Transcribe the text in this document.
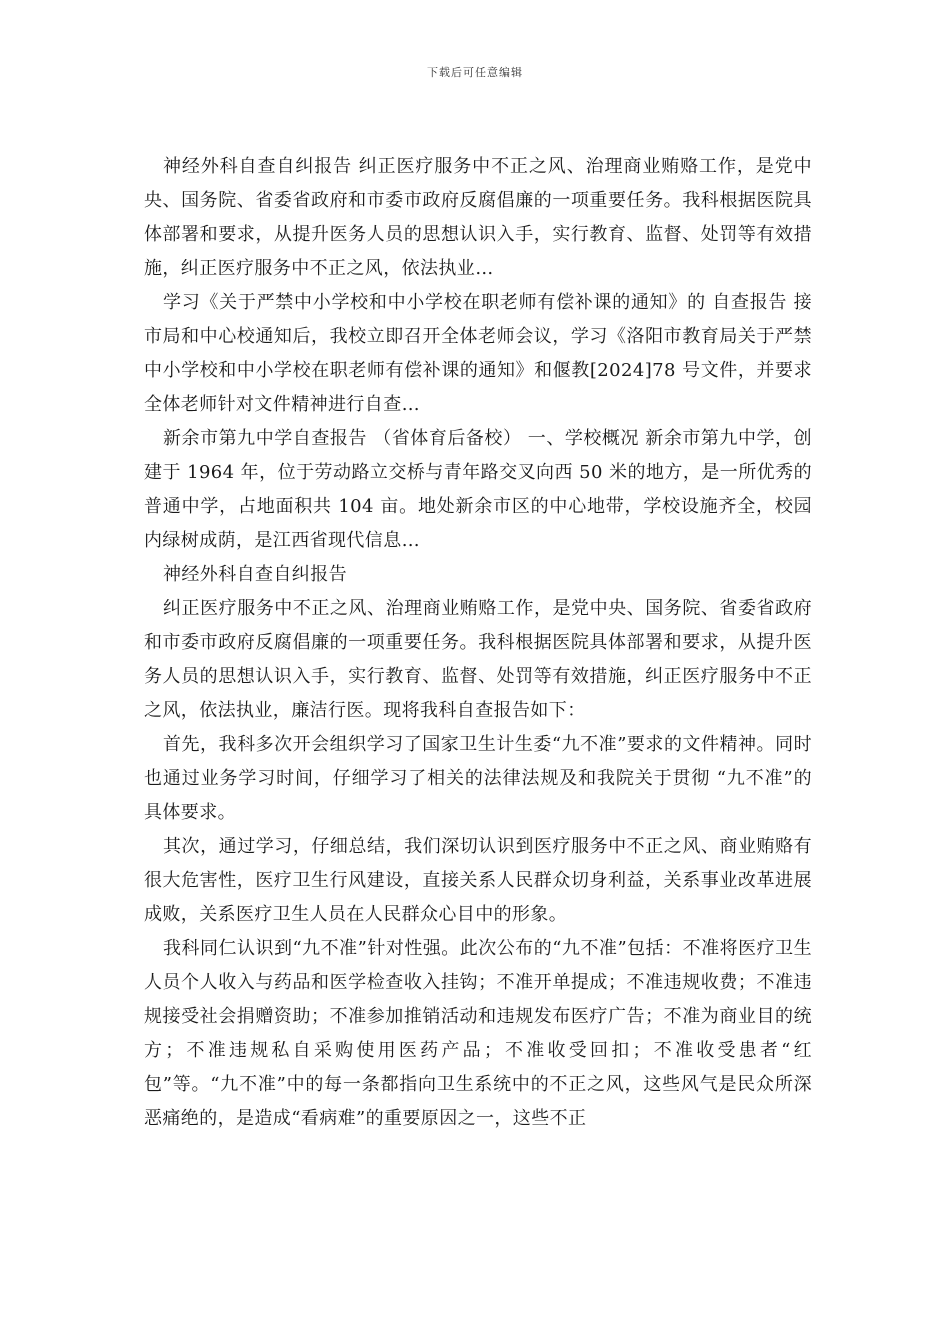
下载后可任意编辑

神经外科自查自纠报告 纠正医疗服务中不正之风、治理商业贿赂工作，是党中央、国务院、省委省政府和市委市政府反腐倡廉的一项重要任务。我科根据医院具体部署和要求，从提升医务人员的思想认识入手，实行教育、监督、处罚等有效措施，纠正医疗服务中不正之风，依法执业…

学习《关于严禁中小学校和中小学校在职老师有偿补课的通知》的 自查报告 接市局和中心校通知后，我校立即召开全体老师会议，学习《洛阳市教育局关于严禁中小学校和中小学校在职老师有偿补课的通知》和偃教[2024]78 号文件，并要求全体老师针对文件精神进行自查…

新余市第九中学自查报告 （省体育后备校） 一、学校概况 新余市第九中学，创建于 1964 年，位于劳动路立交桥与青年路交叉向西 50 米的地方，是一所优秀的普通中学，占地面积共 104 亩。地处新余市区的中心地带，学校设施齐全，校园内绿树成荫，是江西省现代信息…

神经外科自查自纠报告

纠正医疗服务中不正之风、治理商业贿赂工作，是党中央、国务院、省委省政府和市委市政府反腐倡廉的一项重要任务。我科根据医院具体部署和要求，从提升医务人员的思想认识入手，实行教育、监督、处罚等有效措施，纠正医疗服务中不正之风，依法执业，廉洁行医。现将我科自查报告如下：

首先，我科多次开会组织学习了国家卫生计生委“九不准”要求的文件精神。同时也通过业务学习时间，仔细学习了相关的法律法规及和我院关于贯彻 “九不准”的具体要求。

其次，通过学习，仔细总结，我们深切认识到医疗服务中不正之风、商业贿赂有很大危害性，医疗卫生行风建设，直接关系人民群众切身利益，关系事业改革进展成败，关系医疗卫生人员在人民群众心目中的形象。

我科同仁认识到“九不准”针对性强。此次公布的“九不准”包括：不准将医疗卫生人员个人收入与药品和医学检查收入挂钩；不准开单提成；不准违规收费；不准违规接受社会捐赠资助；不准参加推销活动和违规发布医疗广告；不准为商业目的统方；不准违规私自采购使用医药产品；不准收受回扣；不准收受患者“红包”等。“九不准”中的每一条都指向卫生系统中的不正之风，这些风气是民众所深恶痛绝的，是造成“看病难”的重要原因之一，这些不正
